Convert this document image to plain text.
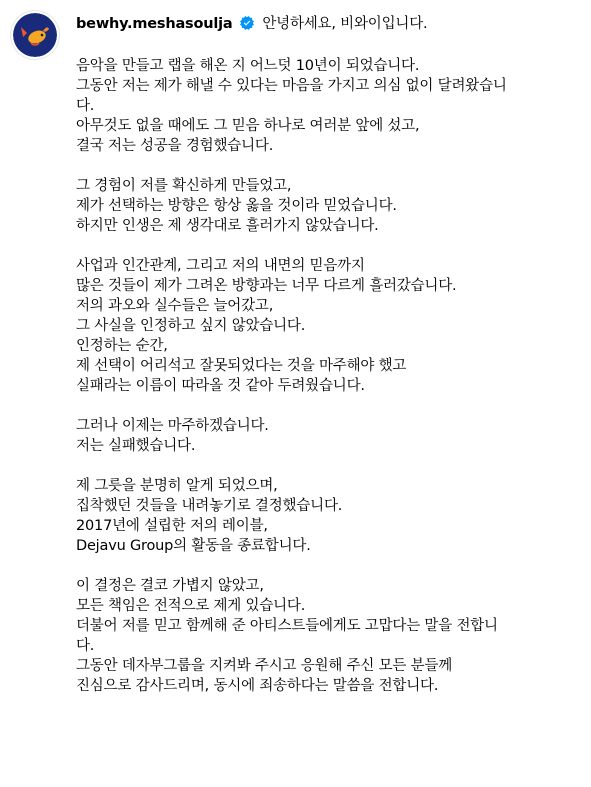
bewhy.meshasoulja 안녕하세요, 비와이입니다.
음악을 만들고 랩을 해온 지 어느덧 10년이 되었습니다.
그동안 저는 제가 해낼 수 있다는 마음을 가지고 의심 없이 달려왔습니
다.
아무것도 없을 때에도 그 믿음 하나로 여러분 앞에 섰고,
결국 저는 성공을 경험했습니다.
그 경험이 저를 확신하게 만들었고,
제가 선택하는 방향은 항상 옳을 것이라 믿었습니다.
하지만 인생은 제 생각대로 흘러가지 않았습니다.
사업과 인간관계, 그리고 저의 내면의 믿음까지
많은 것들이 제가 그려온 방향과는 너무 다르게 흘러갔습니다.
저의 과오와 실수들은 늘어갔고,
그 사실을 인정하고 싶지 않았습니다.
인정하는 순간,
제 선택이 어리석고 잘못되었다는 것을 마주해야 했고
실패라는 이름이 따라올 것 같아 두려웠습니다.
그러나 이제는 마주하겠습니다.
저는 실패했습니다.
제 그릇을 분명히 알게 되었으며,
집착했던 것들을 내려놓기로 결정했습니다.
2017년에 설립한 저의 레이블,
Dejavu Group의 활동을 종료합니다.
이 결정은 결코 가볍지 않았고,
모든 책임은 전적으로 제게 있습니다.
더불어 저를 믿고 함께해 준 아티스트들에게도 고맙다는 말을 전합니
다.
그동안 데자부그룹을 지켜봐 주시고 응원해 주신 모든 분들께
진심으로 감사드리며, 동시에 죄송하다는 말씀을 전합니다.
